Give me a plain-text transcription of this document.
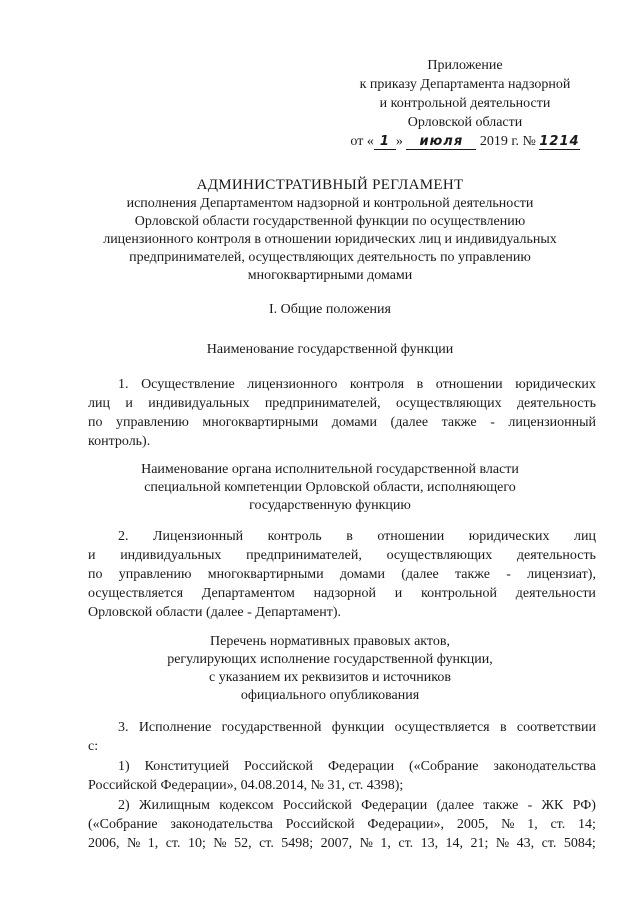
Приложение
к приказу Департамента надзорной
и контрольной деятельности
Орловской области
от « 1 » июля 2019 г. № 1214
АДМИНИСТРАТИВНЫЙ РЕГЛАМЕНТ
исполнения Департаментом надзорной и контрольной деятельности
Орловской области государственной функции по осуществлению
лицензионного контроля в отношении юридических лиц и индивидуальных
предпринимателей, осуществляющих деятельность по управлению
многоквартирными домами
I. Общие положения
Наименование государственной функции
1. Осуществление лицензионного контроля в отношении юридических
лиц и индивидуальных предпринимателей, осуществляющих деятельность
по управлению многоквартирными домами (далее также - лицензионный
контроль).
Наименование органа исполнительной государственной власти
специальной компетенции Орловской области, исполняющего
государственную функцию
2. Лицензионный контроль в отношении юридических лиц
и индивидуальных предпринимателей, осуществляющих деятельность
по управлению многоквартирными домами (далее также - лицензиат),
осуществляется Департаментом надзорной и контрольной деятельности
Орловской области (далее - Департамент).
Перечень нормативных правовых актов,
регулирующих исполнение государственной функции,
с указанием их реквизитов и источников
официального опубликования
3. Исполнение государственной функции осуществляется в соответствии
с:
1) Конституцией Российской Федерации («Собрание законодательства
Российской Федерации», 04.08.2014, № 31, ст. 4398);
2) Жилищным кодексом Российской Федерации (далее также - ЖК РФ)
(«Собрание законодательства Российской Федерации», 2005, № 1, ст. 14;
2006, № 1, ст. 10; № 52, ст. 5498; 2007, № 1, ст. 13, 14, 21; № 43, ст. 5084;
